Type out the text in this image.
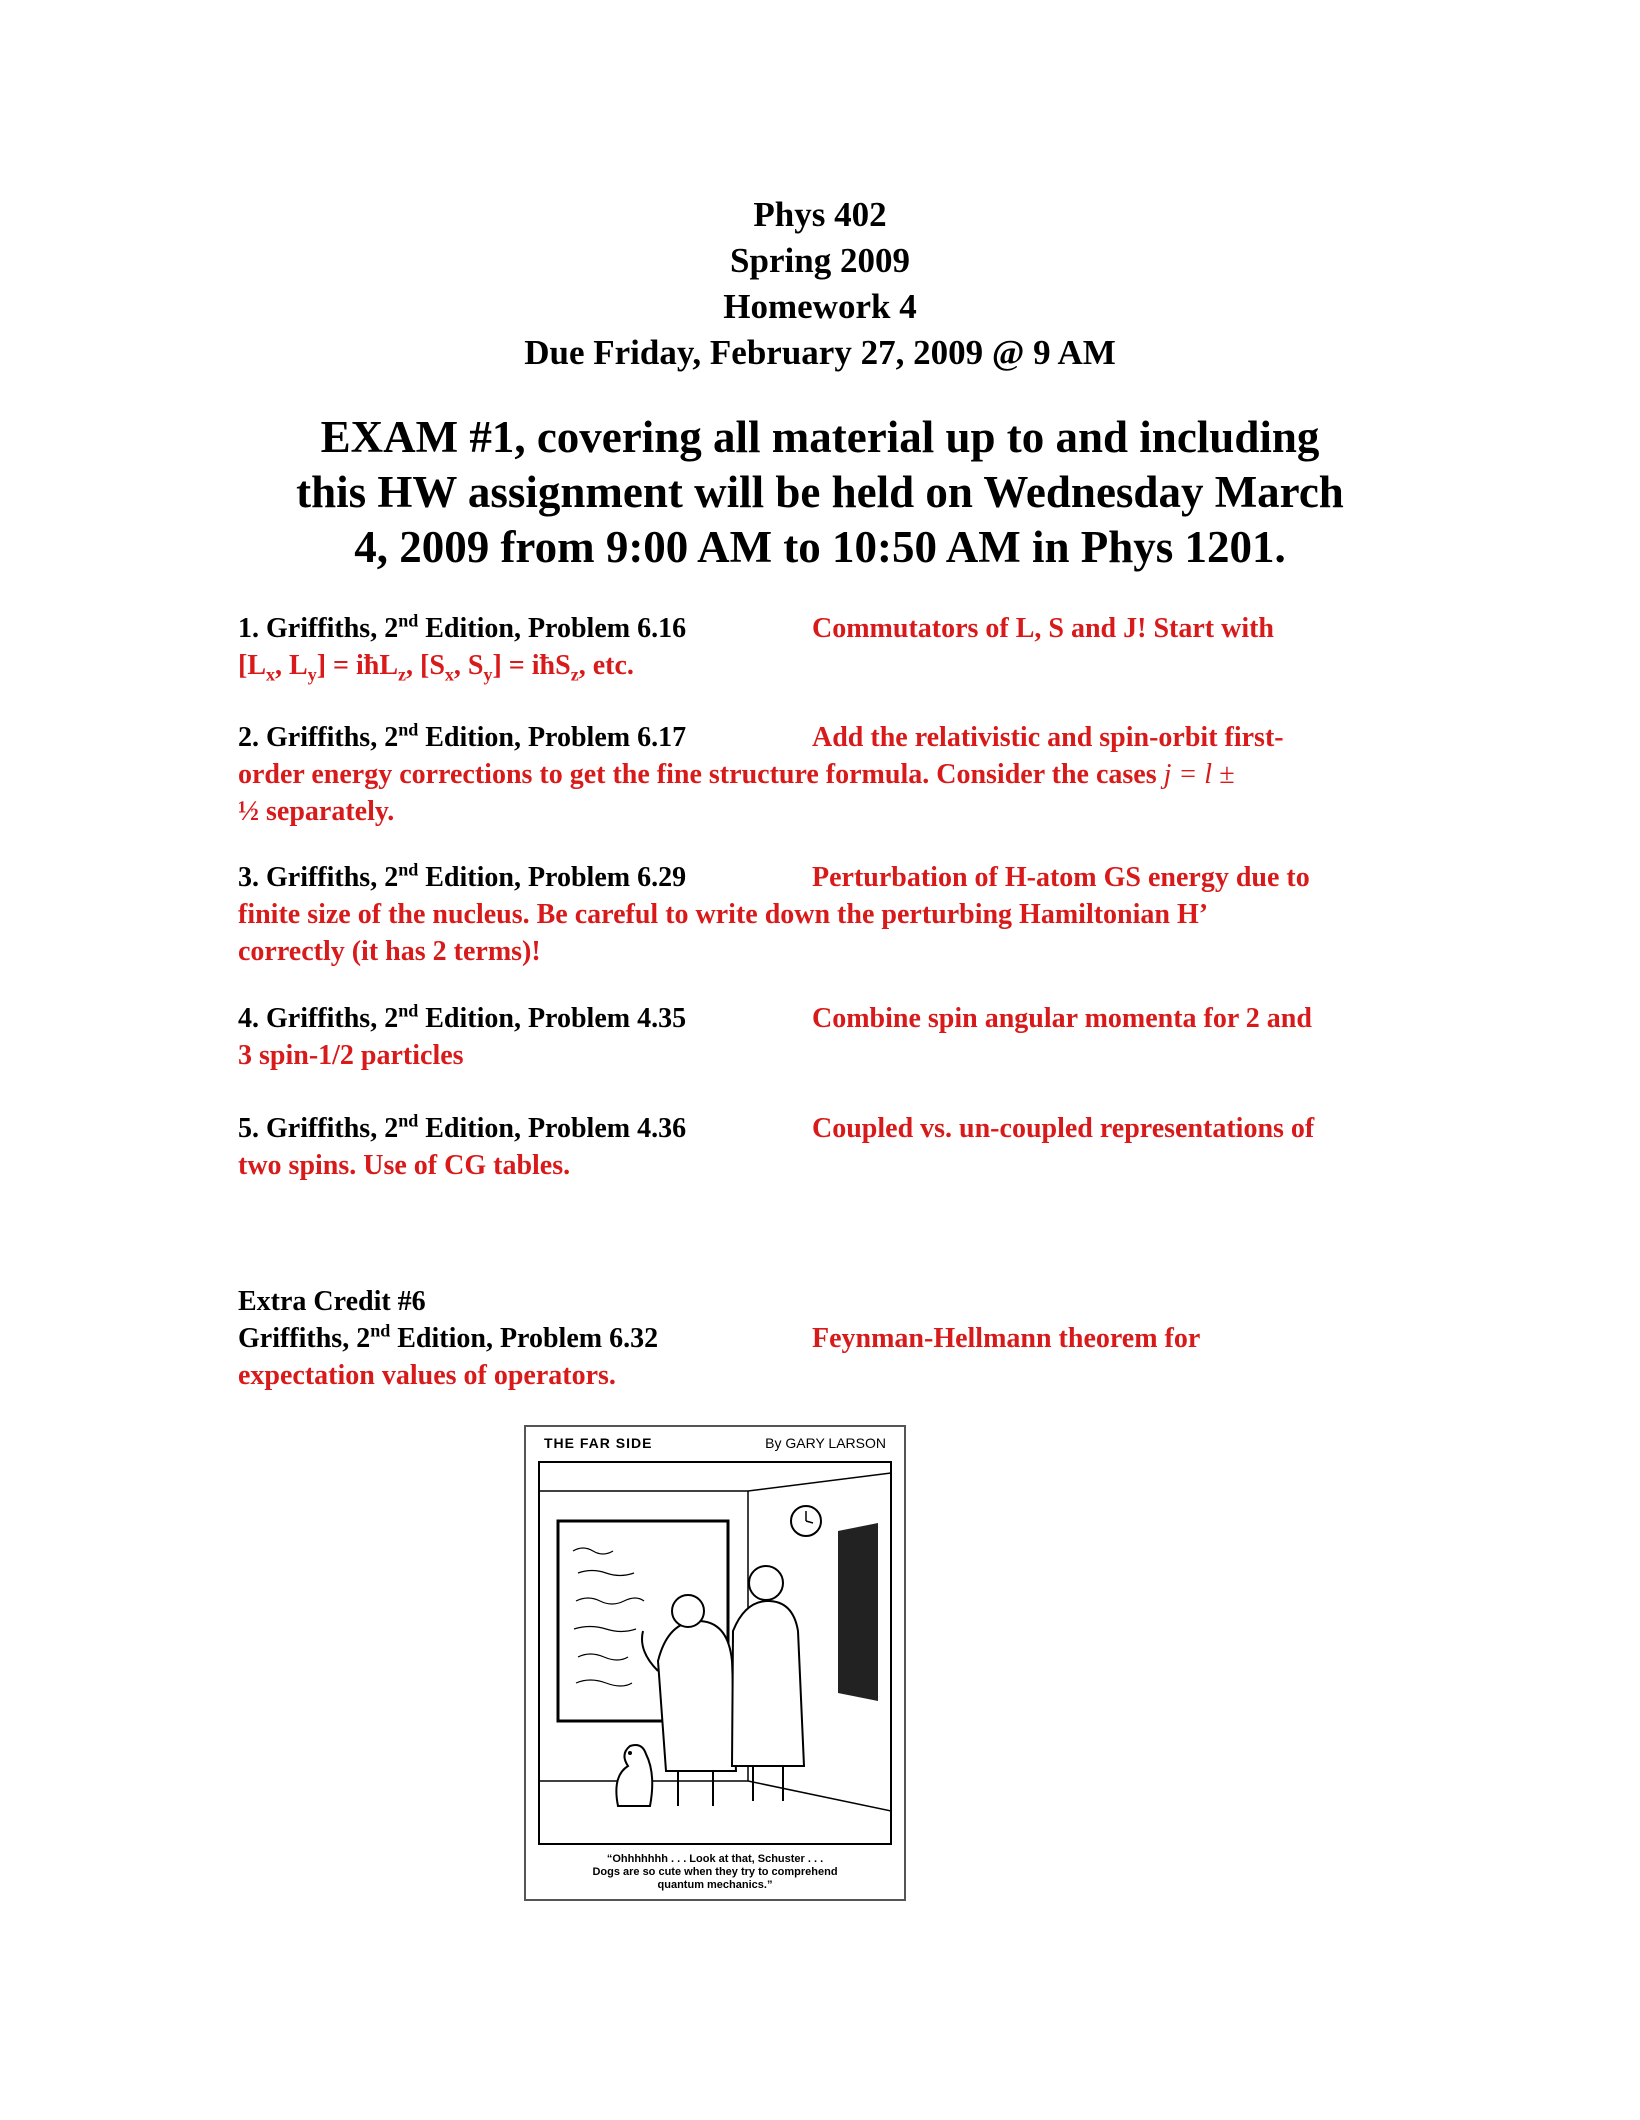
Phys 402
Spring 2009
Homework 4
Due Friday, February 27, 2009 @ 9 AM
EXAM #1, covering all material up to and including
this HW assignment will be held on Wednesday March
4, 2009 from 9:00 AM to 10:50 AM in Phys 1201.
1. Griffiths, 2nd Edition, Problem 6.16	Commutators of L, S and J! Start with
[$L_x$, $L_y$] = iħL$_z$, [$S_x$, $S_y$] = iħS$_z$, etc.
2. Griffiths, 2nd Edition, Problem 6.17	Add the relativistic and spin-orbit first-
order energy corrections to get the fine structure formula. Consider the cases j = l ±
½ separately.
3. Griffiths, 2nd Edition, Problem 6.29	Perturbation of H-atom GS energy due to
finite size of the nucleus. Be careful to write down the perturbing Hamiltonian H’
correctly (it has 2 terms)!
4. Griffiths, 2nd Edition, Problem 4.35	Combine spin angular momenta for 2 and
3 spin-1/2 particles
5. Griffiths, 2nd Edition, Problem 4.36	Coupled vs. un-coupled representations of
two spins. Use of CG tables.
Extra Credit #6
Griffiths, 2nd Edition, Problem 6.32	Feynman-Hellmann theorem for
expectation values of operators.
THE FAR SIDE	By GARY LARSON
“Ohhhhhhh . . . Look at that, Schuster . . .
Dogs are so cute when they try to comprehend
quantum mechanics.”
